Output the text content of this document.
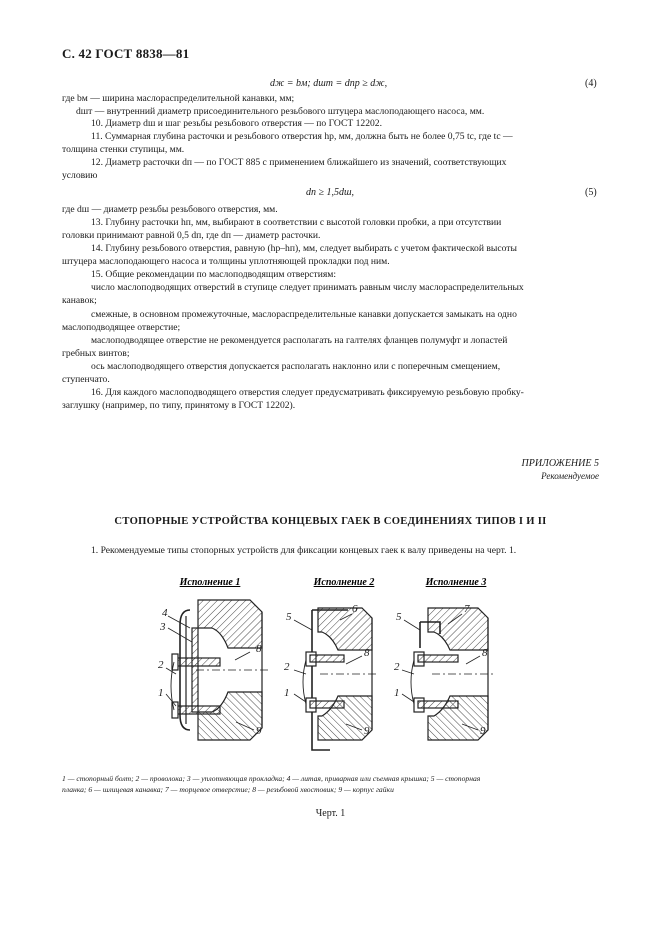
С. 42 ГОСТ 8838—81
dж = bм; dшт = dпр ≥ dж,	(4)
где bм — ширина маслораспределительной канавки, мм;
dшт — внутренний диаметр присоединительного резьбового штуцера маслоподающего насоса, мм.
10. Диаметр dш и шаг резьбы резьбового отверстия — по ГОСТ 12202.
11. Суммарная глубина расточки и резьбового отверстия hр, мм, должна быть не более 0,75 tс, где tс —
толщина стенки ступицы, мм.
12. Диаметр расточки dп — по ГОСТ 885 с применением ближайшего из значений, соответствующих
условию
dп ≥ 1,5dш,	(5)
где dш — диаметр резьбы резьбового отверстия, мм.
13. Глубину расточки hп, мм, выбирают в соответствии с высотой головки пробки, а при отсутствии
головки принимают равной 0,5 dп, где dп — диаметр расточки.
14. Глубину резьбового отверстия, равную (hр–hп), мм, следует выбирать с учетом фактической высоты
штуцера маслоподающего насоса и толщины уплотняющей прокладки под ним.
15. Общие рекомендации по маслоподводящим отверстиям:
число маслоподводящих отверстий в ступице следует принимать равным числу маслораспределительных
канавок;
смежные, в основном промежуточные, маслораспределительные канавки допускается замыкать на одно
маслоподводящее отверстие;
маслоподводящее отверстие не рекомендуется располагать на галтелях фланцев полумуфт и лопастей
гребных винтов;
ось маслоподводящего отверстия допускается располагать наклонно или с поперечным смещением,
ступенчато.
16. Для каждого маслоподводящего отверстия следует предусматривать фиксируемую резьбовую пробку-
заглушку (например, по типу, принятому в ГОСТ 12202).
ПРИЛОЖЕНИЕ 5
Рекомендуемое
СТОПОРНЫЕ УСТРОЙСТВА КОНЦЕВЫХ ГАЕК В СОЕДИНЕНИЯХ ТИПОВ I И II
1. Рекомендуемые типы стопорных устройств для фиксации концевых гаек к валу приведены на черт. 1.
Исполнение 1	Исполнение 2	Исполнение 3
4
3
2
1
8
9
5
6
2
1
8
9
5
7
2
1
8
9
1 — стопорный болт; 2 — проволока; 3 — уплотняющая прокладка; 4 — литая, приварная или съемная крышка; 5 — стопорная
планка; 6 — шлицевая канавка; 7 — торцевое отверстие; 8 — резьбовой хвостовик; 9 — корпус гайки
Черт. 1
